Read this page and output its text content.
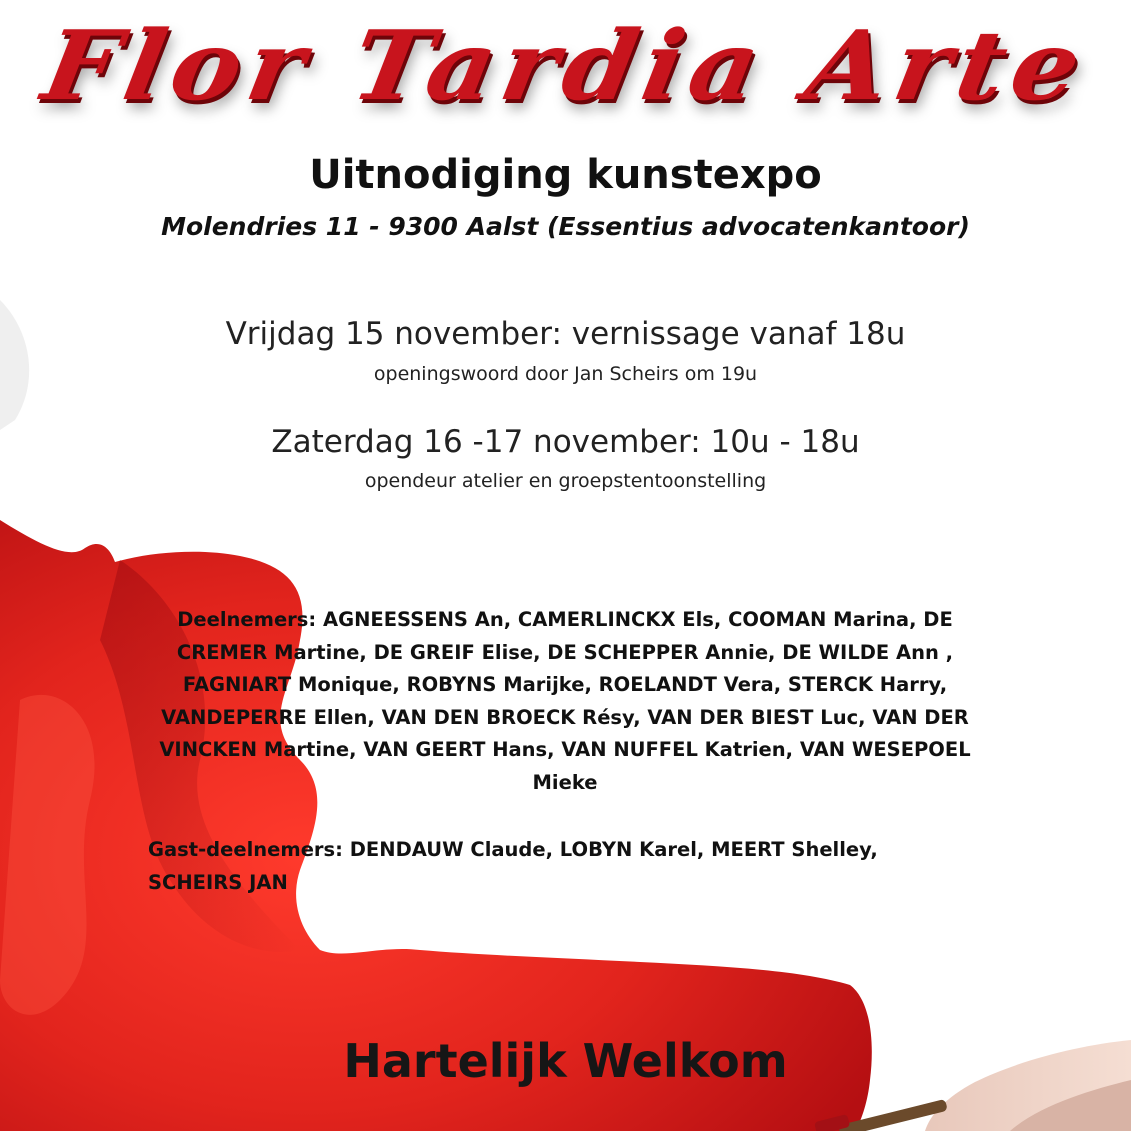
Flor Tardia Arte
Uitnodiging kunstexpo
Molendries 11 - 9300 Aalst (Essentius advocatenkantoor)
Vrijdag 15 november: vernissage vanaf 18u
openingswoord door Jan Scheirs om 19u
Zaterdag 16 -17 november: 10u - 18u
opendeur atelier en groepstentoonstelling
Deelnemers: AGNEESSENS An, CAMERLINCKX Els, COOMAN Marina, DE CREMER Martine, DE GREIF Elise, DE SCHEPPER Annie, DE WILDE Ann , FAGNIART Monique, ROBYNS Marijke, ROELANDT Vera, STERCK Harry, VANDEPERRE Ellen, VAN DEN BROECK Résy, VAN DER BIEST Luc, VAN DER VINCKEN Martine, VAN GEERT Hans, VAN NUFFEL Katrien, VAN WESEPOEL Mieke
Gast-deelnemers: DENDAUW Claude, LOBYN Karel, MEERT Shelley, SCHEIRS JAN
Hartelijk Welkom
